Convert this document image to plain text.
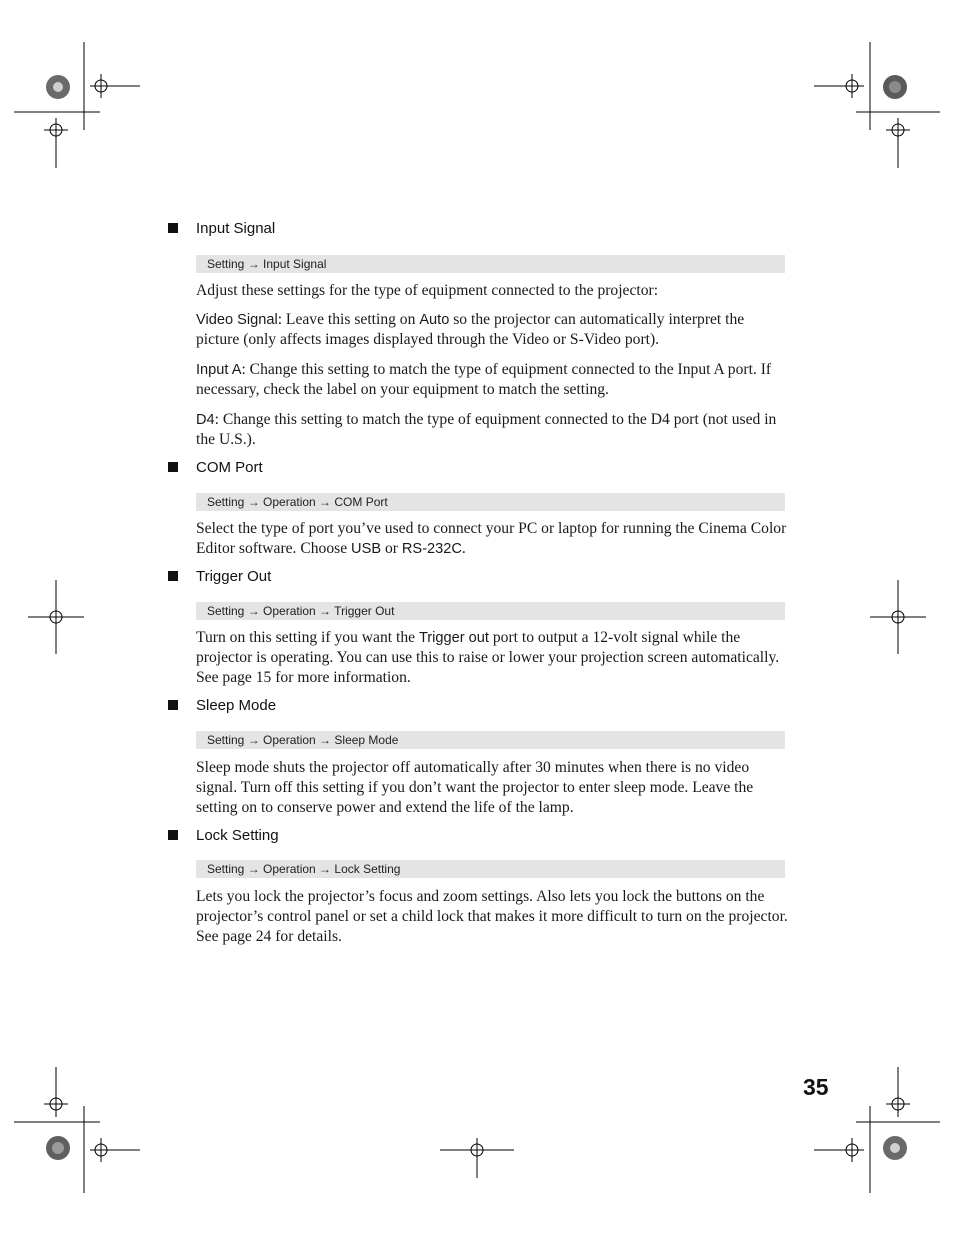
Input Signal
Setting → Input Signal

Adjust these settings for the type of equipment connected to the projector:

Video Signal: Leave this setting on Auto so the projector can automatically interpret the picture (only affects images displayed through the Video or S-Video port).

Input A: Change this setting to match the type of equipment connected to the Input A port. If necessary, check the label on your equipment to match the setting.

D4: Change this setting to match the type of equipment connected to the D4 port (not used in the U.S.).

COM Port
Setting → Operation → COM Port

Select the type of port you’ve used to connect your PC or laptop for running the Cinema Color Editor software. Choose USB or RS-232C.

Trigger Out
Setting → Operation → Trigger Out

Turn on this setting if you want the Trigger out port to output a 12-volt signal while the projector is operating. You can use this to raise or lower your projection screen automatically. See page 15 for more information.

Sleep Mode
Setting → Operation → Sleep Mode

Sleep mode shuts the projector off automatically after 30 minutes when there is no video signal. Turn off this setting if you don’t want the projector to enter sleep mode. Leave the setting on to conserve power and extend the life of the lamp.

Lock Setting
Setting → Operation → Lock Setting

Lets you lock the projector’s focus and zoom settings. Also lets you lock the buttons on the projector’s control panel or set a child lock that makes it more difficult to turn on the projector. See page 24 for details.

35
